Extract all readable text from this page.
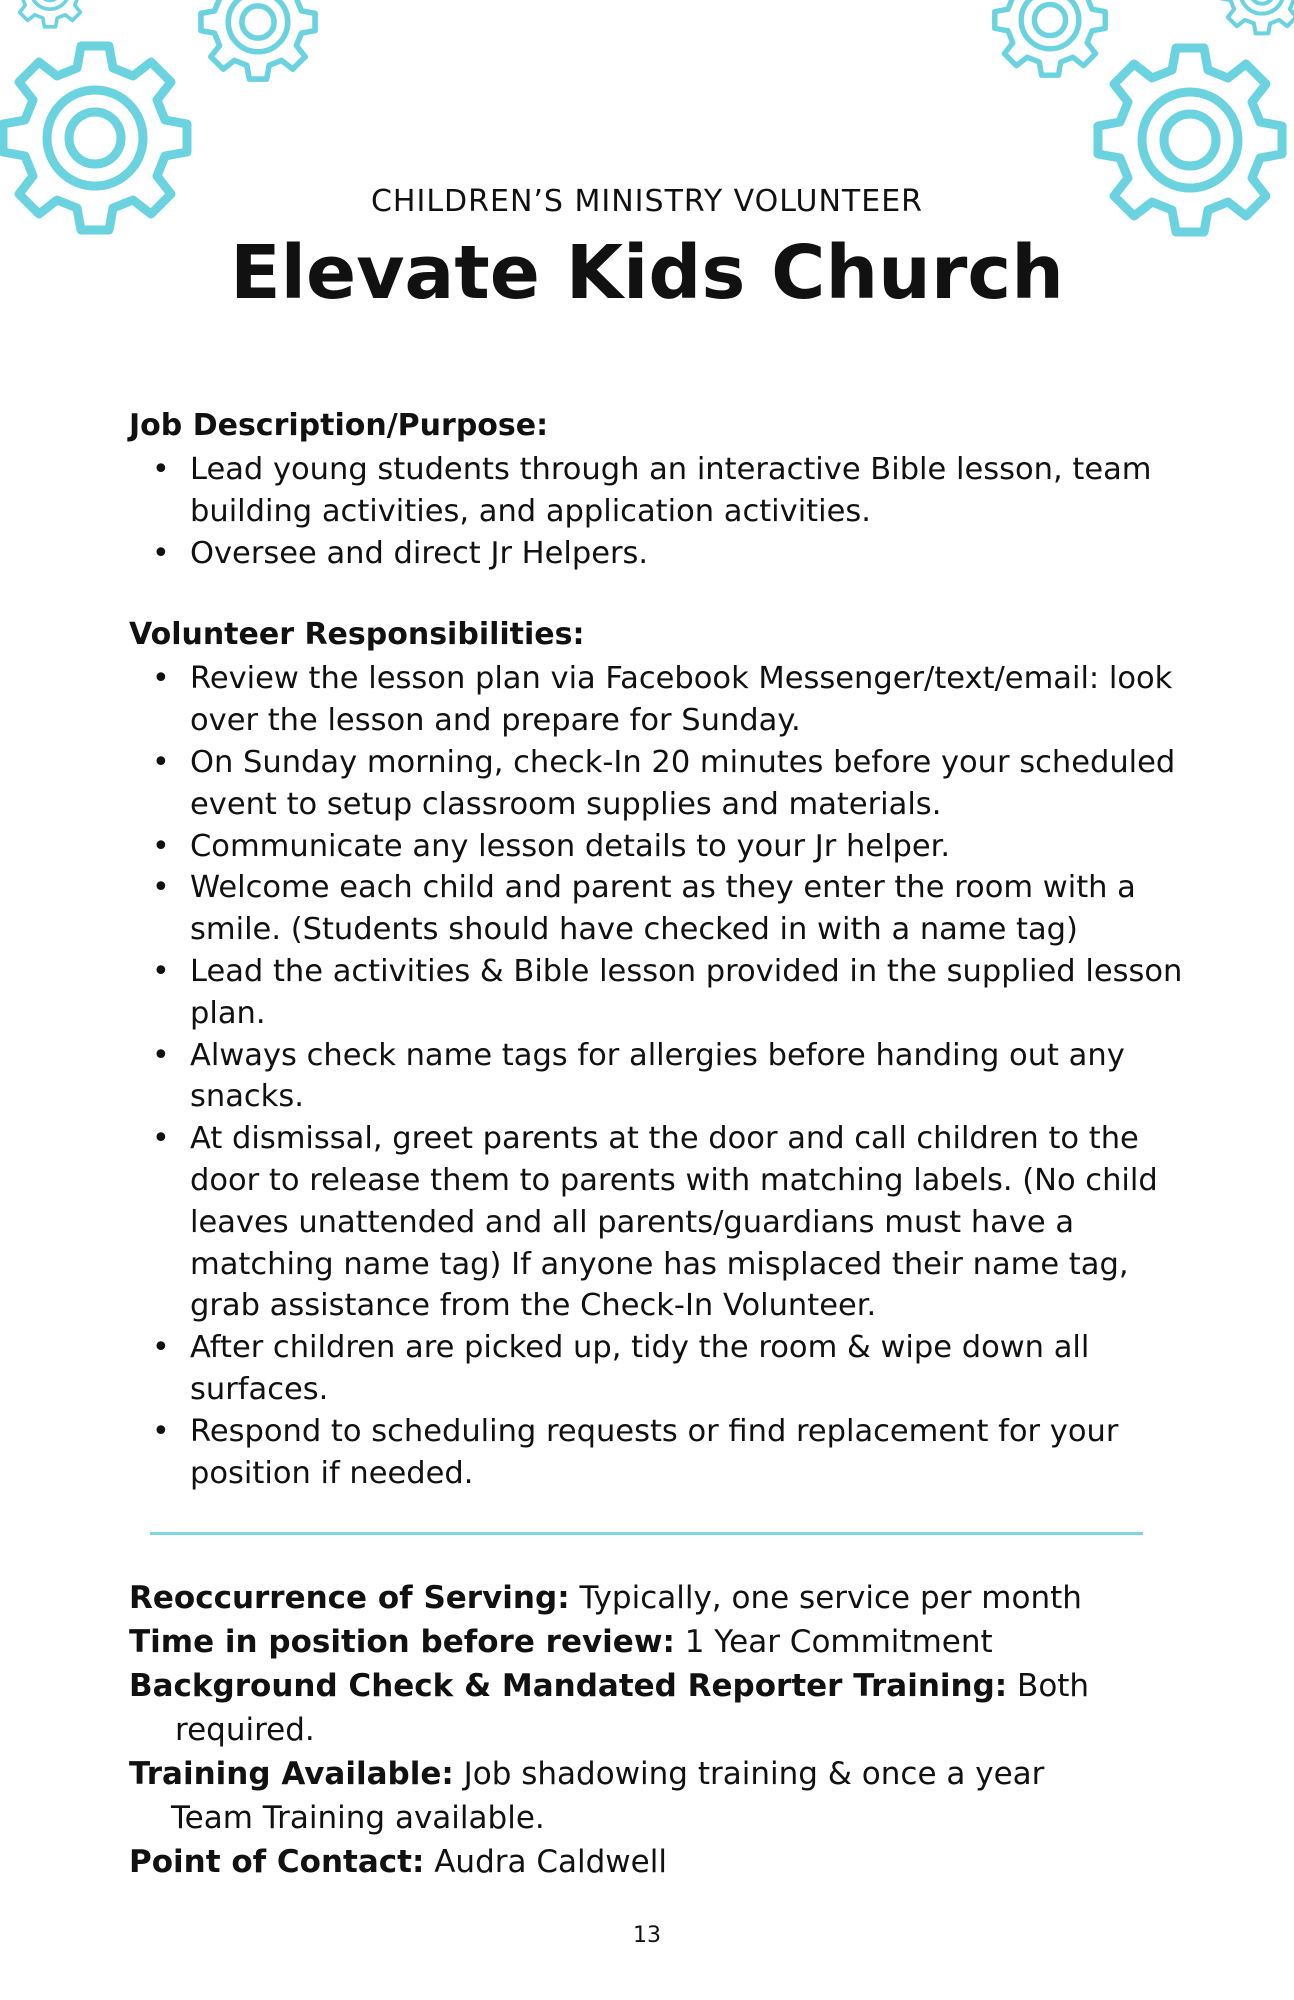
CHILDREN’S MINISTRY VOLUNTEER
Elevate Kids Church

Job Description/Purpose:

• Lead young students through an interactive Bible lesson, team building activities, and application activities.
• Oversee and direct Jr Helpers.

Volunteer Responsibilities:

• Review the lesson plan via Facebook Messenger/text/email: look over the lesson and prepare for Sunday.
• On Sunday morning, check-In 20 minutes before your scheduled event to setup classroom supplies and materials.
• Communicate any lesson details to your Jr helper.
• Welcome each child and parent as they enter the room with a smile. (Students should have checked in with a name tag)
• Lead the activities & Bible lesson provided in the supplied lesson plan.
• Always check name tags for allergies before handing out any snacks.
• At dismissal, greet parents at the door and call children to the door to release them to parents with matching labels. (No child leaves unattended and all parents/guardians must have a matching name tag) If anyone has misplaced their name tag, grab assistance from the Check-In Volunteer.
• After children are picked up, tidy the room & wipe down all surfaces.
• Respond to scheduling requests or find replacement for your position if needed.

Reoccurrence of Serving: Typically, one service per month

Time in position before review: 1 Year Commitment

Background Check & Mandated Reporter Training: Both
required.

Training Available: Job shadowing training & once a year
Team Training available.

Point of Contact: Audra Caldwell

13
